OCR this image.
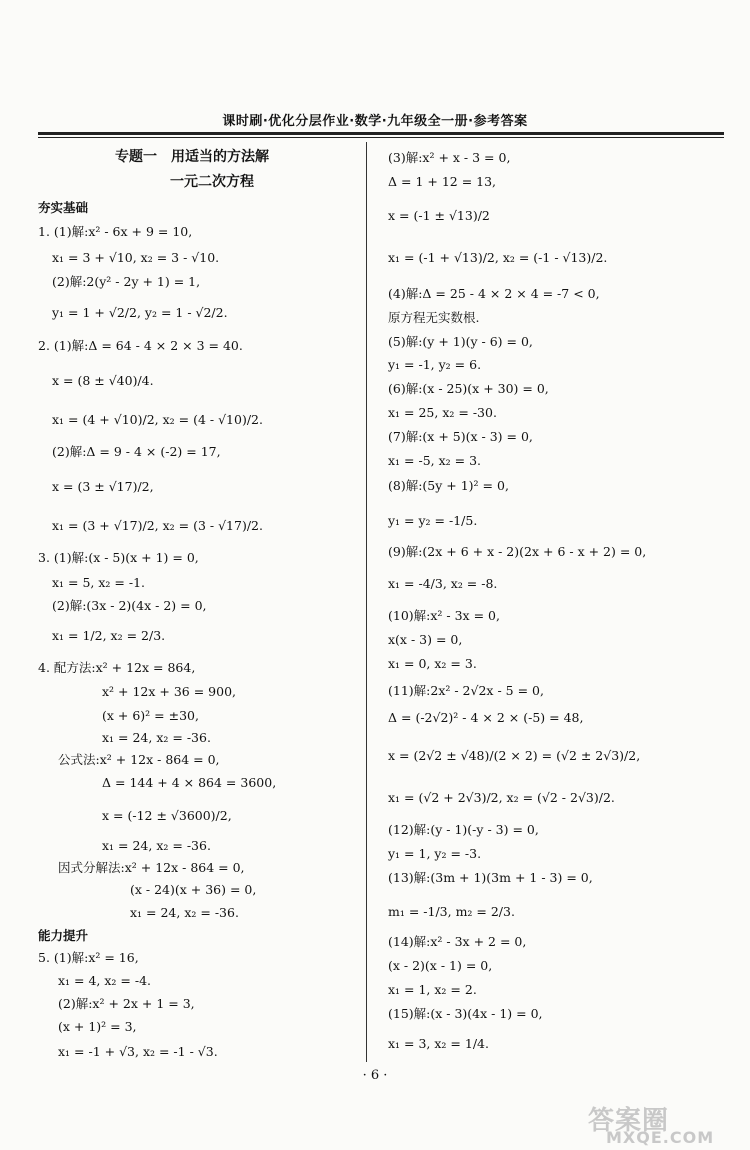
课时刷·优化分层作业·数学·九年级全一册·参考答案
专题一　用适当的方法解
一元二次方程
夯实基础
1. (1)解:x² - 6x + 9 = 10,
x₁ = 3 + √10, x₂ = 3 - √10.
(2)解:2(y² - 2y + 1) = 1,
y₁ = 1 + √2/2, y₂ = 1 - √2/2.
2. (1)解:Δ = 64 - 4 × 2 × 3 = 40.
x = (8 ± √40)/4.
x₁ = (4 + √10)/2, x₂ = (4 - √10)/2.
(2)解:Δ = 9 - 4 × (-2) = 17,
x = (3 ± √17)/2,
x₁ = (3 + √17)/2, x₂ = (3 - √17)/2.
3. (1)解:(x - 5)(x + 1) = 0,
x₁ = 5, x₂ = -1.
(2)解:(3x - 2)(4x - 2) = 0,
x₁ = 1/2, x₂ = 2/3.
4. 配方法:x² + 12x = 864,
x² + 12x + 36 = 900,
(x + 6)² = ±30,
x₁ = 24, x₂ = -36.
公式法:x² + 12x - 864 = 0,
Δ = 144 + 4 × 864 = 3600,
x = (-12 ± √3600)/2,
x₁ = 24, x₂ = -36.
因式分解法:x² + 12x - 864 = 0,
(x - 24)(x + 36) = 0,
x₁ = 24, x₂ = -36.
能力提升
5. (1)解:x² = 16,
x₁ = 4, x₂ = -4.
(2)解:x² + 2x + 1 = 3,
(x + 1)² = 3,
x₁ = -1 + √3, x₂ = -1 - √3.
(3)解:x² + x - 3 = 0,
Δ = 1 + 12 = 13,
x = (-1 ± √13)/2
x₁ = (-1 + √13)/2, x₂ = (-1 - √13)/2.
(4)解:Δ = 25 - 4 × 2 × 4 = -7 < 0,
原方程无实数根.
(5)解:(y + 1)(y - 6) = 0,
y₁ = -1, y₂ = 6.
(6)解:(x - 25)(x + 30) = 0,
x₁ = 25, x₂ = -30.
(7)解:(x + 5)(x - 3) = 0,
x₁ = -5, x₂ = 3.
(8)解:(5y + 1)² = 0,
y₁ = y₂ = -1/5.
(9)解:(2x + 6 + x - 2)(2x + 6 - x + 2) = 0,
x₁ = -4/3, x₂ = -8.
(10)解:x² - 3x = 0,
x(x - 3) = 0,
x₁ = 0, x₂ = 3.
(11)解:2x² - 2√2x - 5 = 0,
Δ = (-2√2)² - 4 × 2 × (-5) = 48,
x = (2√2 ± √48)/(2 × 2) = (√2 ± 2√3)/2,
x₁ = (√2 + 2√3)/2, x₂ = (√2 - 2√3)/2.
(12)解:(y - 1)(-y - 3) = 0,
y₁ = 1, y₂ = -3.
(13)解:(3m + 1)(3m + 1 - 3) = 0,
m₁ = -1/3, m₂ = 2/3.
(14)解:x² - 3x + 2 = 0,
(x - 2)(x - 1) = 0,
x₁ = 1, x₂ = 2.
(15)解:(x - 3)(4x - 1) = 0,
x₁ = 3, x₂ = 1/4.
· 6 ·
答案圈
MXQE.COM
